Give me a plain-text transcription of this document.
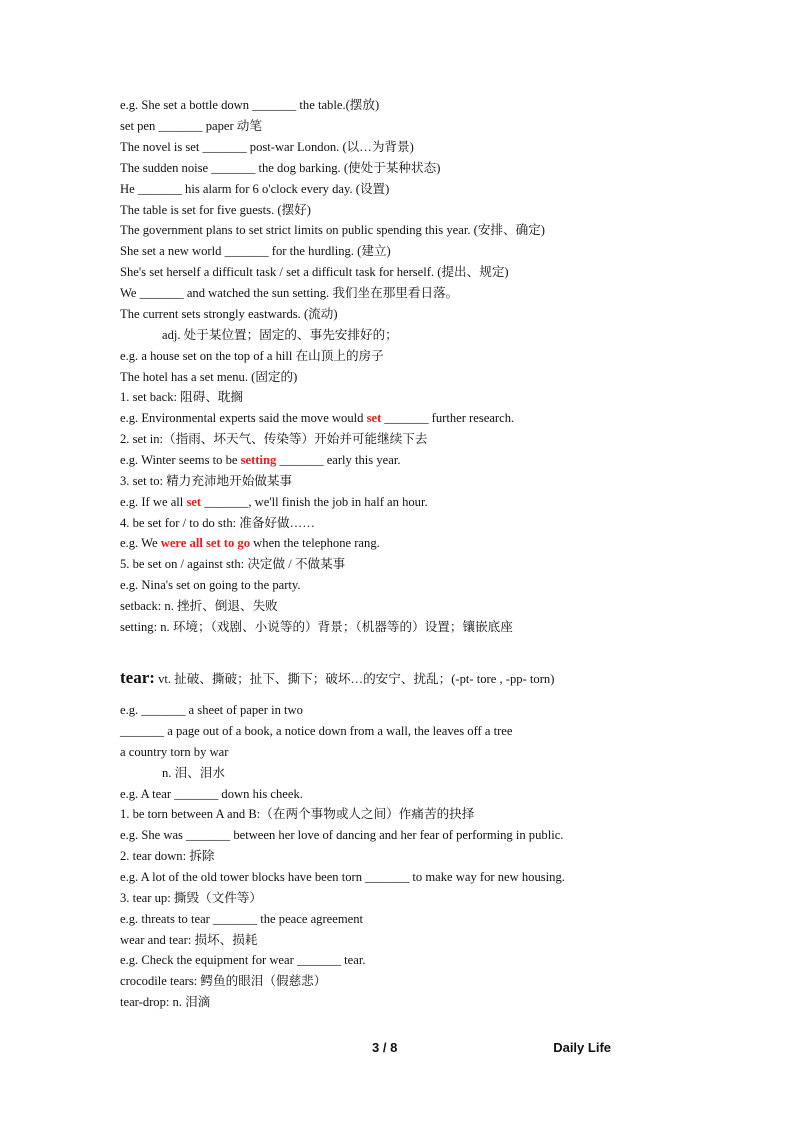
e.g. She set a bottle down _______ the table.(摆放)
set pen _______ paper 动笔
The novel is set _______ post-war London. (以…为背景)
The sudden noise _______ the dog barking. (使处于某种状态)
He _______ his alarm for 6 o'clock every day. (设置)
The table is set for five guests. (摆好)
The government plans to set strict limits on public spending this year. (安排、确定)
She set a new world _______ for the hurdling. (建立)
She's set herself a difficult task / set a difficult task for herself. (提出、规定)
We _______ and watched the sun setting. 我们坐在那里看日落。
The current sets strongly eastwards. (流动)
adj. 处于某位置；固定的、事先安排好的；
e.g. a house set on the top of a hill 在山顶上的房子
The hotel has a set menu. (固定的)
1. set back: 阻碍、耽搁
e.g. Environmental experts said the move would set _______ further research.
2. set in:（指雨、坏天气、传染等）开始并可能继续下去
e.g. Winter seems to be setting _______ early this year.
3. set to: 精力充沛地开始做某事
e.g. If we all set _______, we'll finish the job in half an hour.
4. be set for / to do sth: 准备好做……
e.g. We were all set to go when the telephone rang.
5. be set on / against sth: 决定做 / 不做某事
e.g. Nina's set on going to the party.
setback: n. 挫折、倒退、失败
setting: n. 环境；（戏剧、小说等的）背景；（机器等的）设置；镶嵌底座
tear: vt. 扯破、撕破；扯下、撕下；破坏…的安宁、扰乱；(-pt- tore , -pp- torn)
e.g. _______ a sheet of paper in two
_______ a page out of a book, a notice down from a wall, the leaves off a tree
a country torn by war
n. 泪、泪水
e.g. A tear _______ down his cheek.
1. be torn between A and B:（在两个事物或人之间）作痛苦的抉择
e.g. She was _______ between her love of dancing and her fear of performing in public.
2. tear down: 拆除
e.g. A lot of the old tower blocks have been torn _______ to make way for new housing.
3. tear up: 撕毁（文件等）
e.g. threats to tear _______ the peace agreement
wear and tear: 损坏、损耗
e.g. Check the equipment for wear _______ tear.
crocodile tears: 鳄鱼的眼泪（假慈悲）
tear-drop: n. 泪滴
3 / 8	Daily Life
